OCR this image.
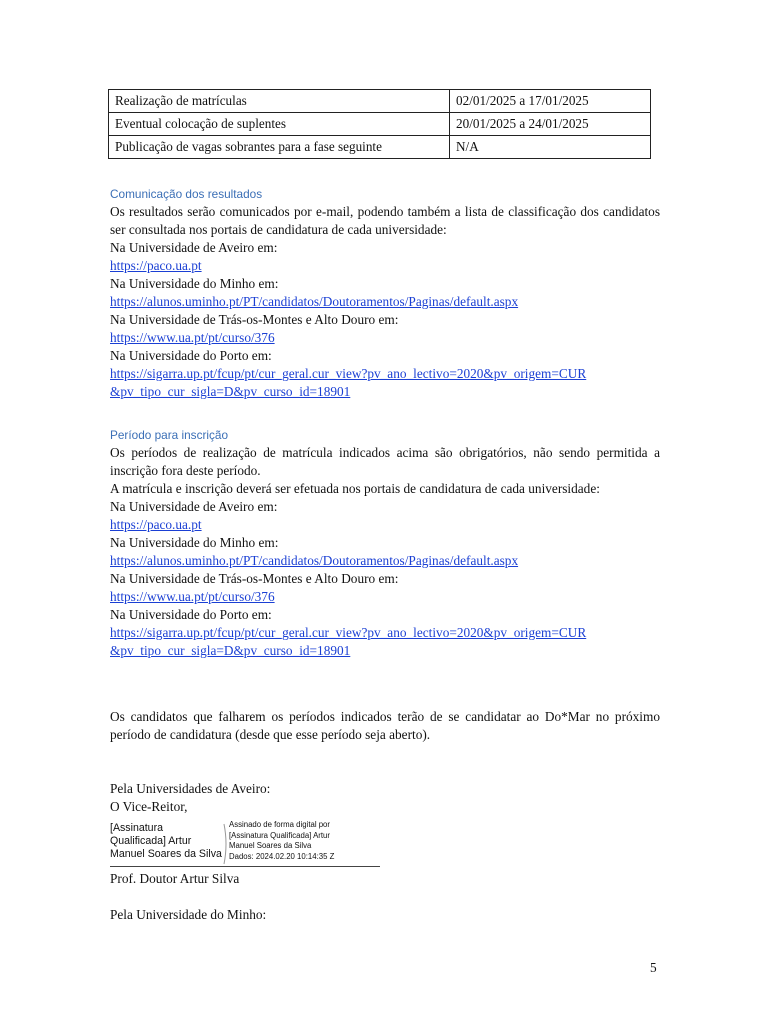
Realização de matrículas	02/01/2025 a 17/01/2025
Eventual colocação de suplentes	20/01/2025 a 24/01/2025
Publicação de vagas sobrantes para a fase seguinte	N/A
Comunicação dos resultados
Os resultados serão comunicados por e-mail, podendo também a lista de classificação dos candidatos ser consultada nos portais de candidatura de cada universidade:
Na Universidade de Aveiro em:
https://paco.ua.pt
Na Universidade do Minho em:
https://alunos.uminho.pt/PT/candidatos/Doutoramentos/Paginas/default.aspx
Na Universidade de Trás-os-Montes e Alto Douro em:
https://www.ua.pt/pt/curso/376
Na Universidade do Porto em:
https://sigarra.up.pt/fcup/pt/cur_geral.cur_view?pv_ano_lectivo=2020&pv_origem=CUR
&pv_tipo_cur_sigla=D&pv_curso_id=18901
Período para inscrição
Os períodos de realização de matrícula indicados acima são obrigatórios, não sendo permitida a inscrição fora deste período.
A matrícula e inscrição deverá ser efetuada nos portais de candidatura de cada universidade:
Na Universidade de Aveiro em:
https://paco.ua.pt
Na Universidade do Minho em:
https://alunos.uminho.pt/PT/candidatos/Doutoramentos/Paginas/default.aspx
Na Universidade de Trás-os-Montes e Alto Douro em:
https://www.ua.pt/pt/curso/376
Na Universidade do Porto em:
https://sigarra.up.pt/fcup/pt/cur_geral.cur_view?pv_ano_lectivo=2020&pv_origem=CUR
&pv_tipo_cur_sigla=D&pv_curso_id=18901
Os candidatos que falharem os períodos indicados terão de se candidatar ao Do*Mar no próximo período de candidatura (desde que esse período seja aberto).
Pela Universidades de Aveiro:
O Vice-Reitor,
[Assinatura
Qualificada] Artur
Manuel Soares da Silva
Assinado de forma digital por
[Assinatura Qualificada] Artur
Manuel Soares da Silva
Dados: 2024.02.20 10:14:35 Z
Prof. Doutor Artur Silva
Pela Universidade do Minho:
5
